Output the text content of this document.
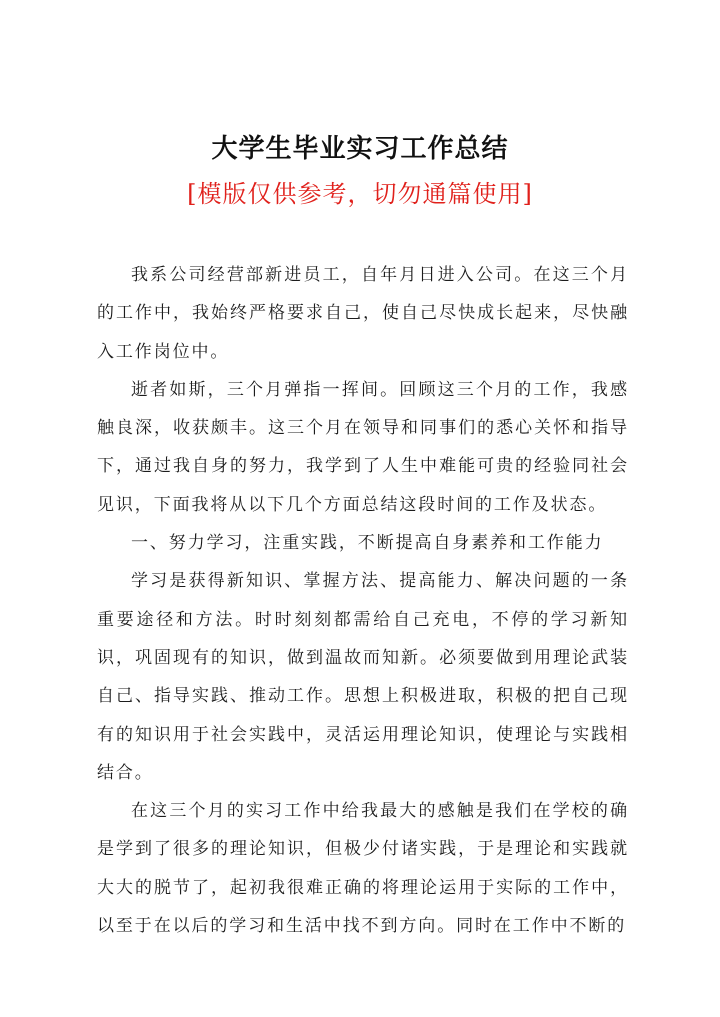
大学生毕业实习工作总结
[模版仅供参考，切勿通篇使用]

我系公司经营部新进员工，自年月日进入公司。在这三个月的工作中，我始终严格要求自己，使自己尽快成长起来，尽快融入工作岗位中。

逝者如斯，三个月弹指一挥间。回顾这三个月的工作，我感触良深，收获颇丰。这三个月在领导和同事们的悉心关怀和指导下，通过我自身的努力，我学到了人生中难能可贵的经验同社会见识，下面我将从以下几个方面总结这段时间的工作及状态。

一、努力学习，注重实践，不断提高自身素养和工作能力

学习是获得新知识、掌握方法、提高能力、解决问题的一条重要途径和方法。时时刻刻都需给自己充电，不停的学习新知识，巩固现有的知识，做到温故而知新。必须要做到用理论武装自己、指导实践、推动工作。思想上积极进取，积极的把自己现有的知识用于社会实践中，灵活运用理论知识，使理论与实践相结合。

在这三个月的实习工作中给我最大的感触是我们在学校的确是学到了很多的理论知识，但极少付诸实践，于是理论和实践就大大的脱节了，起初我很难正确的将理论运用于实际的工作中，以至于在以后的学习和生活中找不到方向。同时在工作中不断的
